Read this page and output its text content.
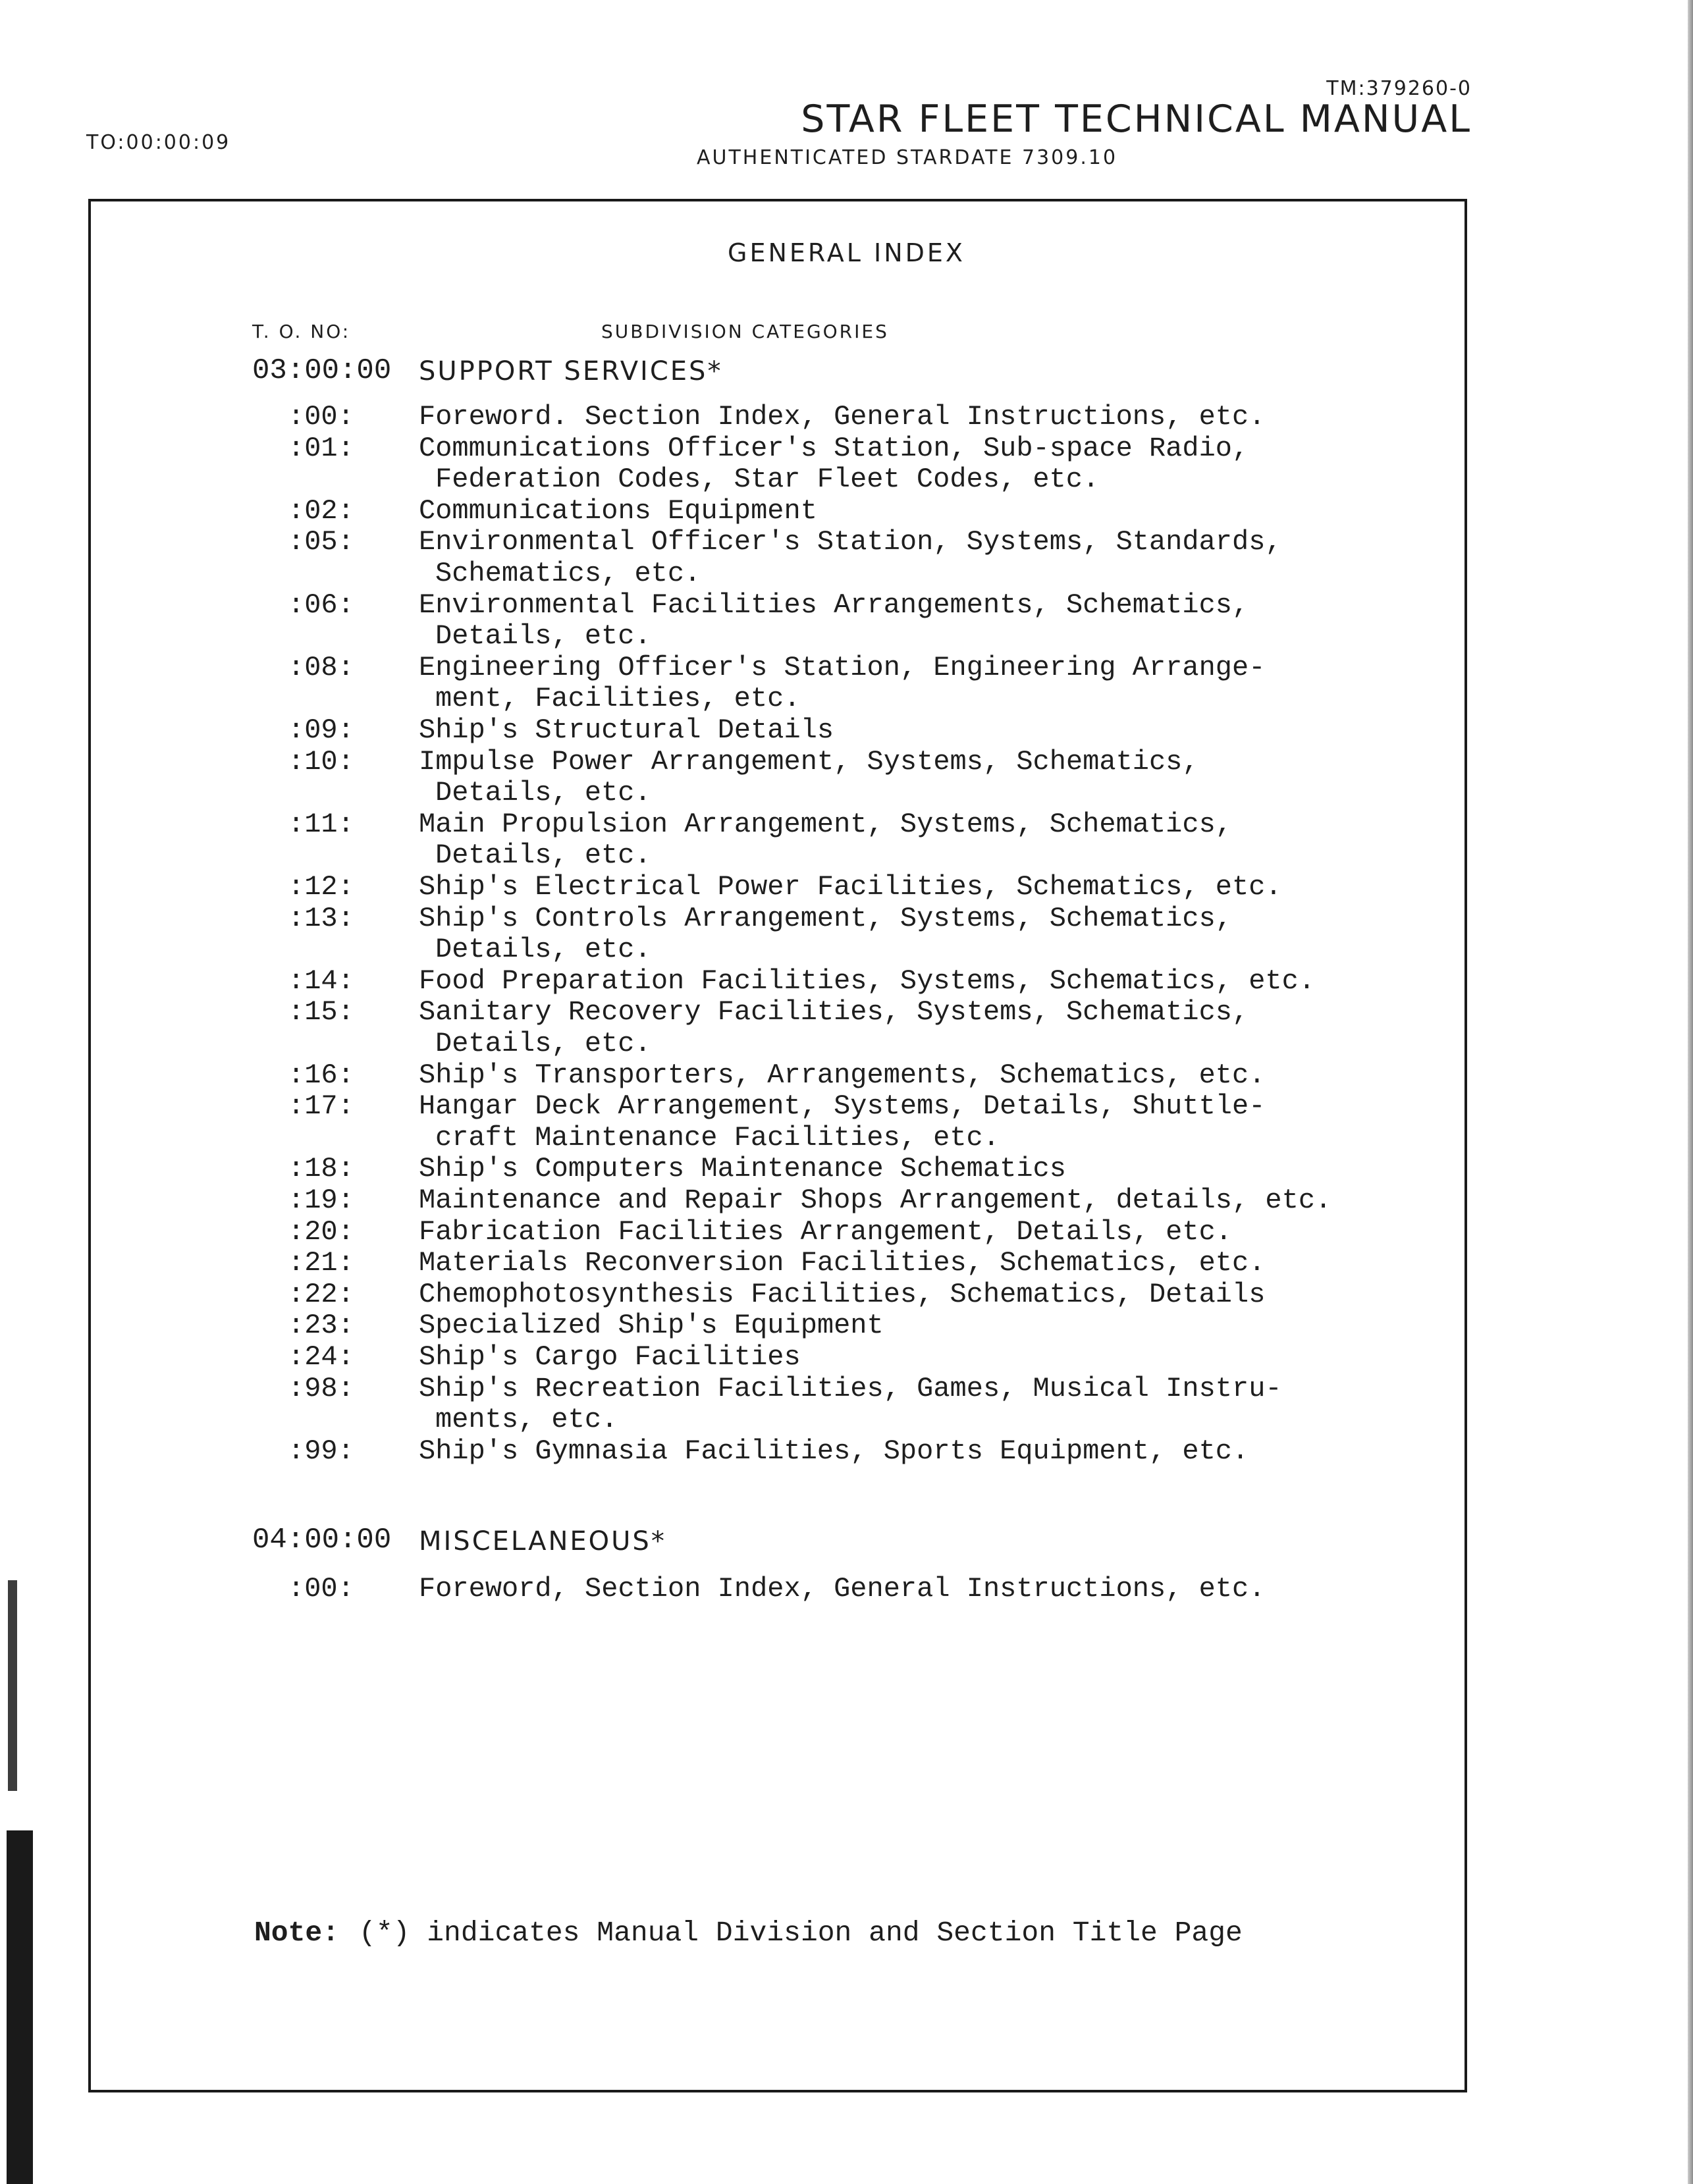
TM:379260-0
STAR FLEET TECHNICAL MANUAL
AUTHENTICATED STARDATE 7309.10
TO:00:00:09
GENERAL INDEX
T. O. NO:	SUBDIVISION CATEGORIES
03:00:00 SUPPORT SERVICES*
:00: Foreword. Section Index, General Instructions, etc.
:01: Communications Officer's Station, Sub-space Radio,
Federation Codes, Star Fleet Codes, etc.
:02: Communications Equipment
:05: Environmental Officer's Station, Systems, Standards,
Schematics, etc.
:06: Environmental Facilities Arrangements, Schematics,
Details, etc.
:08: Engineering Officer's Station, Engineering Arrange-
ment, Facilities, etc.
:09: Ship's Structural Details
:10: Impulse Power Arrangement, Systems, Schematics,
Details, etc.
:11: Main Propulsion Arrangement, Systems, Schematics,
Details, etc.
:12: Ship's Electrical Power Facilities, Schematics, etc.
:13: Ship's Controls Arrangement, Systems, Schematics,
Details, etc.
:14: Food Preparation Facilities, Systems, Schematics, etc.
:15: Sanitary Recovery Facilities, Systems, Schematics,
Details, etc.
:16: Ship's Transporters, Arrangements, Schematics, etc.
:17: Hangar Deck Arrangement, Systems, Details, Shuttle-
craft Maintenance Facilities, etc.
:18: Ship's Computers Maintenance Schematics
:19: Maintenance and Repair Shops Arrangement, details, etc.
:20: Fabrication Facilities Arrangement, Details, etc.
:21: Materials Reconversion Facilities, Schematics, etc.
:22: Chemophotosynthesis Facilities, Schematics, Details
:23: Specialized Ship's Equipment
:24: Ship's Cargo Facilities
:98: Ship's Recreation Facilities, Games, Musical Instru-
ments, etc.
:99: Ship's Gymnasia Facilities, Sports Equipment, etc.
04:00:00 MISCELANEOUS*
:00: Foreword, Section Index, General Instructions, etc.
Note: (*) indicates Manual Division and Section Title Page
